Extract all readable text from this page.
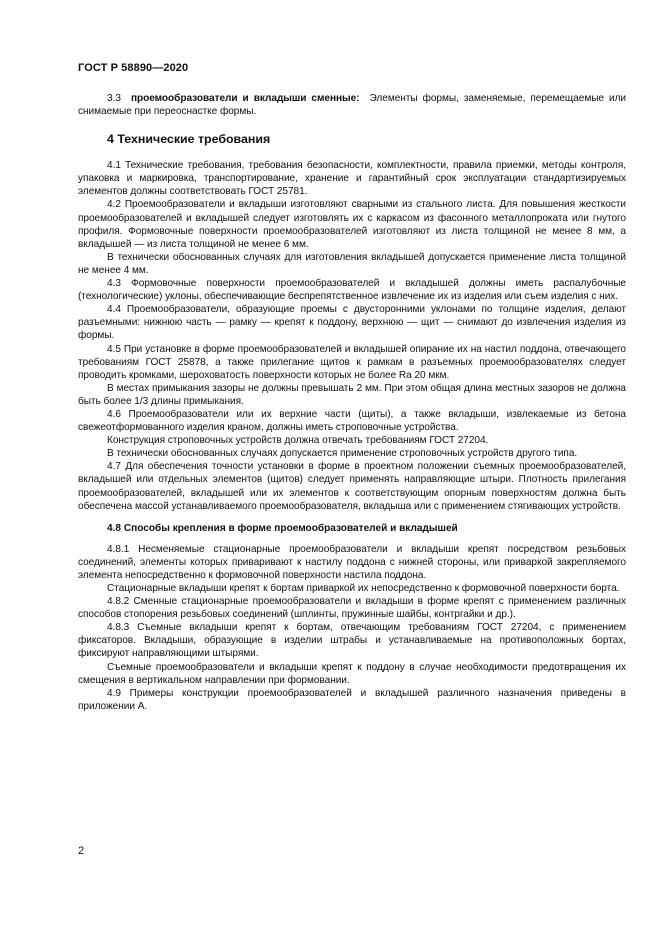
ГОСТ Р 58890—2020

3.3 проемообразователи и вкладыши сменные: Элементы формы, заменяемые, перемещаемые или снимаемые при переоснастке формы.

4 Технические требования

4.1 Технические требования, требования безопасности, комплектности, правила приемки, методы контроля, упаковка и маркировка, транспортирование, хранение и гарантийный срок эксплуатации стандартизируемых элементов должны соответствовать ГОСТ 25781.

4.2 Проемообразователи и вкладыши изготовляют сварными из стального листа. Для повышения жесткости проемообразователей и вкладышей следует изготовлять их с каркасом из фасонного металлопроката или гнутого профиля. Формовочные поверхности проемообразователей изготовляют из листа толщиной не менее 8 мм, а вкладышей — из листа толщиной не менее 6 мм.

В технически обоснованных случаях для изготовления вкладышей допускается применение листа толщиной не менее 4 мм.

4.3 Формовочные поверхности проемообразователей и вкладышей должны иметь распалубочные (технологические) уклоны, обеспечивающие беспрепятственное извлечение их из изделия или съем изделия с них.

4.4 Проемообразователи, образующие проемы с двусторонними уклонами по толщине изделия, делают разъемными: нижнюю часть — рамку — крепят к поддону, верхнюю — щит — снимают до извлечения изделия из формы.

4.5 При установке в форме проемообразователей и вкладышей опирание их на настил поддона, отвечающего требованиям ГОСТ 25878, а также прилегание щитов к рамкам в разъемных проемообразователях следует проводить кромками, шероховатость поверхности которых не более Ra 20 мкм.

В местах примыкания зазоры не должны превышать 2 мм. При этом общая длина местных зазоров не должна быть более 1/3 длины примыкания.

4.6 Проемообразователи или их верхние части (щиты), а также вкладыши, извлекаемые из бетона свежеотформованного изделия краном, должны иметь строповочные устройства.

Конструкция строповочных устройств должна отвечать требованиям ГОСТ 27204.

В технически обоснованных случаях допускается применение строповочных устройств другого типа.

4.7 Для обеспечения точности установки в форме в проектном положении съемных проемообразователей, вкладышей или отдельных элементов (щитов) следует применять направляющие штыри. Плотность прилегания проемообразователей, вкладышей или их элементов к соответствующим опорным поверхностям должна быть обеспечена массой устанавливаемого проемообразователя, вкладыша или с применением стягивающих устройств.

4.8 Способы крепления в форме проемообразователей и вкладышей

4.8.1 Несменяемые стационарные проемообразователи и вкладыши крепят посредством резьбовых соединений, элементы которых приваривают к настилу поддона с нижней стороны, или приваркой закрепляемого элемента непосредственно к формовочной поверхности настила поддона.

Стационарные вкладыши крепят к бортам приваркой их непосредственно к формовочной поверхности борта.

4.8.2 Сменные стационарные проемообразователи и вкладыши в форме крепят с применением различных способов стопорения резьбовых соединений (шплинты, пружинные шайбы, контргайки и др.).

4.8.3 Съемные вкладыши крепят к бортам, отвечающим требованиям ГОСТ 27204, с применением фиксаторов. Вкладыши, образующие в изделии штрабы и устанавливаемые на противоположных бортах, фиксируют направляющими штырями.

Съемные проемообразователи и вкладыши крепят к поддону в случае необходимости предотвращения их смещения в вертикальном направлении при формовании.

4.9 Примеры конструкции проемообразователей и вкладышей различного назначения приведены в приложении А.

2
